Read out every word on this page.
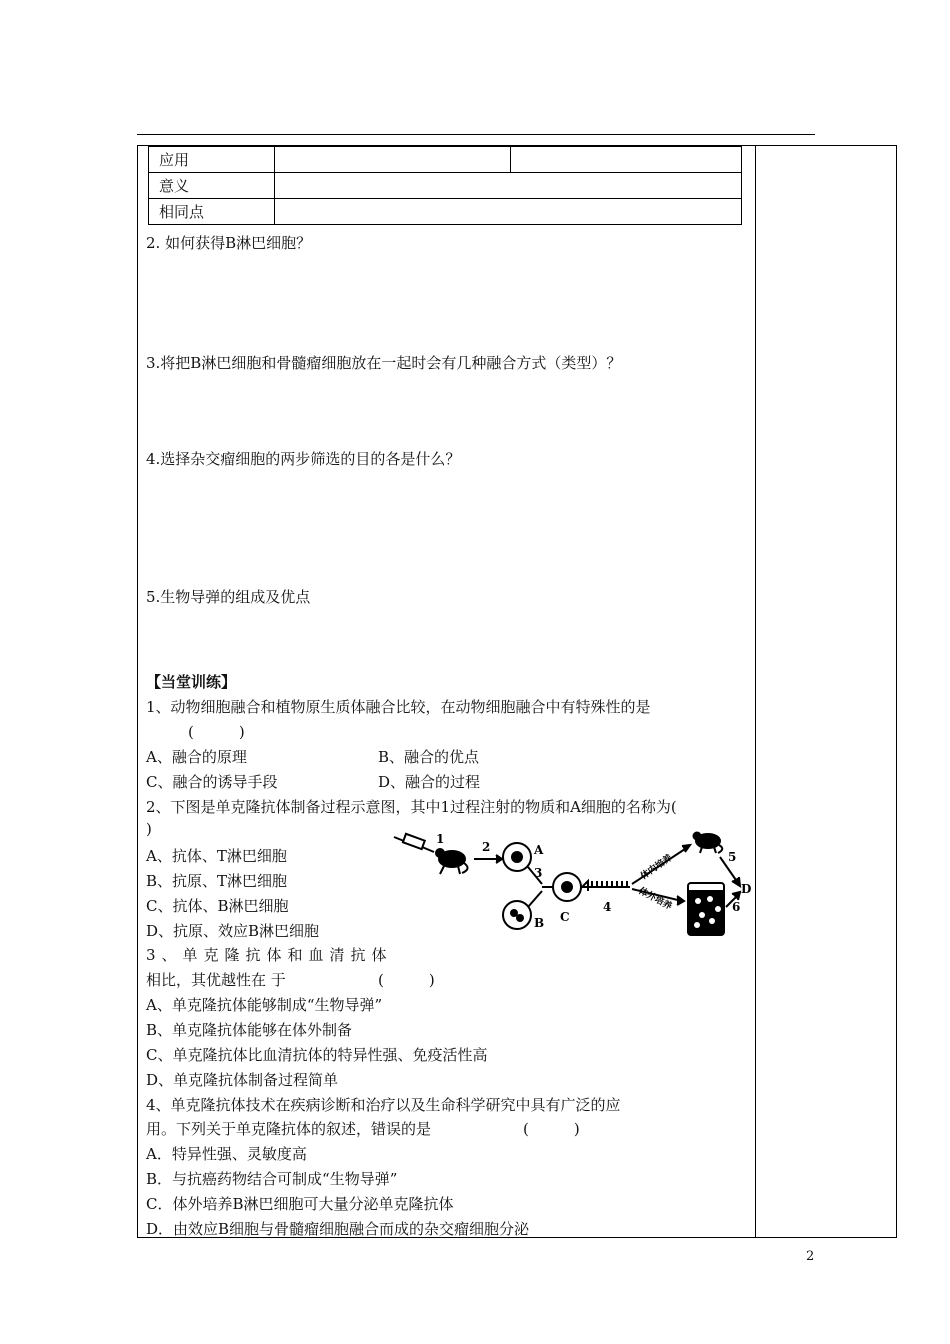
应用		
意义		
相同点		
2. 如何获得B淋巴细胞？
3.将把B淋巴细胞和骨髓瘤细胞放在一起时会有几种融合方式（类型）？
4.选择杂交瘤细胞的两步筛选的目的各是什么？
5.生物导弹的组成及优点
【当堂训练】
1、动物细胞融合和植物原生质体融合比较，在动物细胞融合中有特殊性的是
(　　　)
A、融合的原理	B、融合的优点
C、融合的诱导手段	D、融合的过程
2、下图是单克隆抗体制备过程示意图，其中1过程注射的物质和A细胞的名称为(
)
A、抗体、T淋巴细胞
B、抗原、T淋巴细胞
C、抗体、B淋巴细胞
D、抗原、效应B淋巴细胞
1
2
3
4
5
6
A
B C
D
体内培养
体外培养
3、单克隆抗体和血清抗体
相比，其优越性在 于	(　　　)
A、单克隆抗体能够制成“生物导弹”
B、单克隆抗体能够在体外制备
C、单克隆抗体比血清抗体的特异性强、免疫活性高
D、单克隆抗体制备过程简单
4、单克隆抗体技术在疾病诊断和治疗以及生命科学研究中具有广泛的应
用。下列关于单克隆抗体的叙述，错误的是	(　　　)
A．特异性强、灵敏度高
B．与抗癌药物结合可制成“生物导弹”
C．体外培养B淋巴细胞可大量分泌单克隆抗体
D．由效应B细胞与骨髓瘤细胞融合而成的杂交瘤细胞分泌
2
